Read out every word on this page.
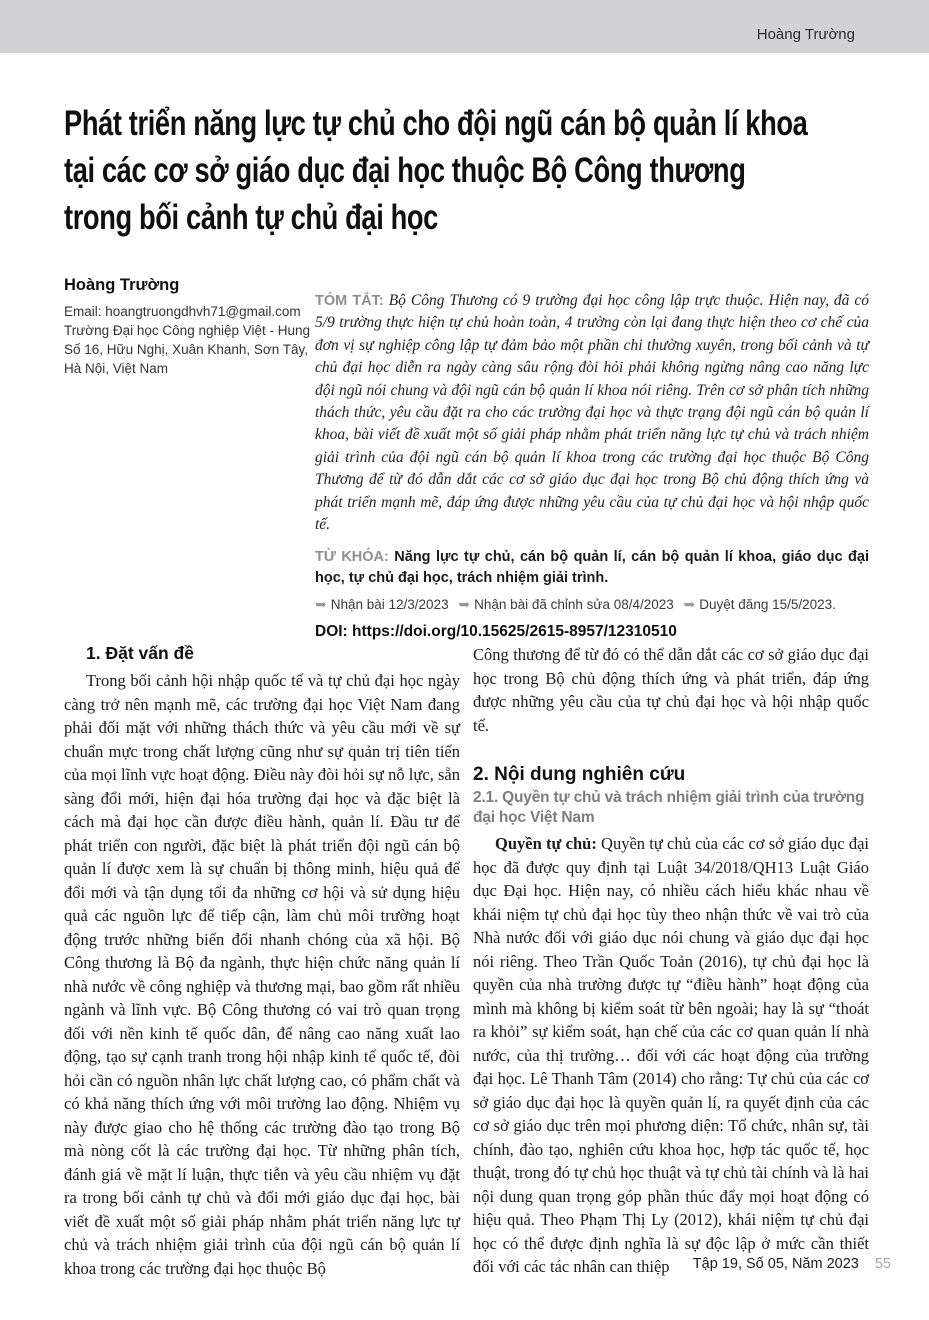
Hoàng Trường
Phát triển năng lực tự chủ cho đội ngũ cán bộ quản lí khoa
tại các cơ sở giáo dục đại học thuộc Bộ Công thương
trong bối cảnh tự chủ đại học
Hoàng Trường
Email: hoangtruongdhvh71@gmail.com
Trường Đại học Công nghiệp Việt - Hung
Số 16, Hữu Nghị, Xuân Khanh, Sơn Tây,
Hà Nội, Việt Nam
TÓM TẮT: Bộ Công Thương có 9 trường đại học công lập trực thuộc. Hiện nay, đã có 5/9 trường thực hiện tự chủ hoàn toàn, 4 trường còn lại đang thực hiện theo cơ chế của đơn vị sự nghiệp công lập tự đảm bảo một phần chi thường xuyên, trong bối cảnh và tự chủ đại học diễn ra ngày càng sâu rộng đòi hỏi phải không ngừng nâng cao năng lực đội ngũ nói chung và đội ngũ cán bộ quản lí khoa nói riêng. Trên cơ sở phân tích những thách thức, yêu cầu đặt ra cho các trường đại học và thực trạng đội ngũ cán bộ quản lí khoa, bài viết đề xuất một số giải pháp nhằm phát triển năng lực tự chủ và trách nhiệm giải trình của đội ngũ cán bộ quản lí khoa trong các trường đại học thuộc Bộ Công Thương để từ đó dẫn dắt các cơ sở giáo dục đại học trong Bộ chủ động thích ứng và phát triển mạnh mẽ, đáp ứng được những yêu cầu của tự chủ đại học và hội nhập quốc tế.
TỪ KHÓA: Năng lực tự chủ, cán bộ quản lí, cán bộ quản lí khoa, giáo dục đại học, tự chủ đại học, trách nhiệm giải trình.
➥ Nhận bài 12/3/2023 ➥ Nhận bài đã chỉnh sửa 08/4/2023 ➥ Duyệt đăng 15/5/2023.
DOI: https://doi.org/10.15625/2615-8957/12310510
1. Đặt vấn đề

Trong bối cảnh hội nhập quốc tế và tự chủ đại học ngày càng trở nên mạnh mẽ, các trường đại học Việt Nam đang phải đối mặt với những thách thức và yêu cầu mới về sự chuẩn mực trong chất lượng cũng như sự quản trị tiên tiến của mọi lĩnh vực hoạt động. Điều này đòi hỏi sự nỗ lực, sẵn sàng đổi mới, hiện đại hóa trường đại học và đặc biệt là cách mà đại học cần được điều hành, quản lí. Đầu tư để phát triển con người, đặc biệt là phát triển đội ngũ cán bộ quản lí được xem là sự chuẩn bị thông minh, hiệu quả để đổi mới và tận dụng tối đa những cơ hội và sử dụng hiệu quả các nguồn lực để tiếp cận, làm chủ môi trường hoạt động trước những biến đổi nhanh chóng của xã hội. Bộ Công thương là Bộ đa ngành, thực hiện chức năng quản lí nhà nước về công nghiệp và thương mại, bao gồm rất nhiều ngành và lĩnh vực. Bộ Công thương có vai trò quan trọng đối với nền kinh tế quốc dân, để nâng cao năng xuất lao động, tạo sự cạnh tranh trong hội nhập kinh tế quốc tế, đòi hỏi cần có nguồn nhân lực chất lượng cao, có phẩm chất và có khả năng thích ứng với môi trường lao động. Nhiệm vụ này được giao cho hệ thống các trường đào tạo trong Bộ mà nòng cốt là các trường đại học. Từ những phân tích, đánh giá về mặt lí luận, thực tiễn và yêu cầu nhiệm vụ đặt ra trong bối cảnh tự chủ và đổi mới giáo dục đại học, bài viết đề xuất một số giải pháp nhằm phát triển năng lực tự chủ và trách nhiệm giải trình của đội ngũ cán bộ quản lí khoa trong các trường đại học thuộc Bộ

Công thương để từ đó có thể dẫn dắt các cơ sở giáo dục đại học trong Bộ chủ động thích ứng và phát triển, đáp ứng được những yêu cầu của tự chủ đại học và hội nhập quốc tế.

2. Nội dung nghiên cứu
2.1. Quyền tự chủ và trách nhiệm giải trình của trường đại học Việt Nam

Quyền tự chủ: Quyền tự chủ của các cơ sở giáo dục đại học đã được quy định tại Luật 34/2018/QH13 Luật Giáo dục Đại học. Hiện nay, có nhiều cách hiểu khác nhau về khái niệm tự chủ đại học tùy theo nhận thức về vai trò của Nhà nước đối với giáo dục nói chung và giáo dục đại học nói riêng. Theo Trần Quốc Toản (2016), tự chủ đại học là quyền của nhà trường được tự “điều hành” hoạt động của mình mà không bị kiểm soát từ bên ngoài; hay là sự “thoát ra khỏi” sự kiểm soát, hạn chế của các cơ quan quản lí nhà nước, của thị trường… đối với các hoạt động của trường đại học. Lê Thanh Tâm (2014) cho rằng: Tự chủ của các cơ sở giáo dục đại học là quyền quản lí, ra quyết định của các cơ sở giáo dục trên mọi phương diện: Tổ chức, nhân sự, tài chính, đào tạo, nghiên cứu khoa học, hợp tác quốc tế, học thuật, trong đó tự chủ học thuật và tự chủ tài chính và là hai nội dung quan trọng góp phần thúc đẩy mọi hoạt động có hiệu quả. Theo Phạm Thị Ly (2012), khái niệm tự chủ đại học có thể được định nghĩa là sự độc lập ở mức cần thiết đối với các tác nhân can thiệp	Tập 19, Số 05, Năm 2023 55
